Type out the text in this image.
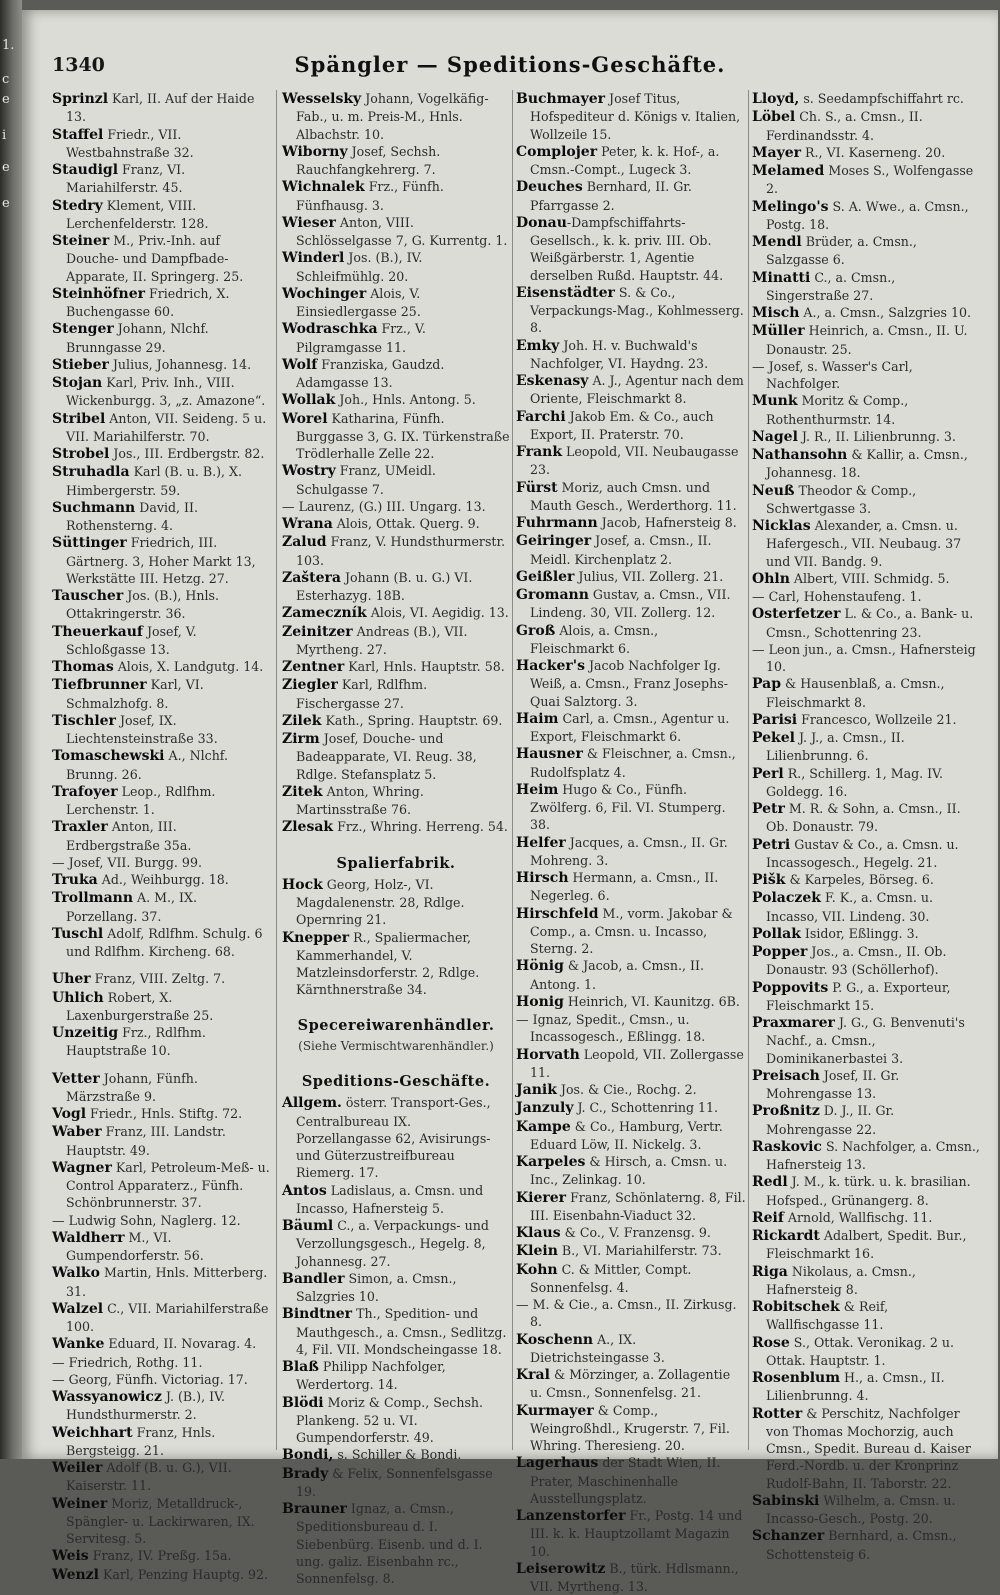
1.
c
e
i
e
e
1340	Spängler — Speditions-Geschäfte.
Sprinzl Karl, II. Auf der Haide 13.
Staffel Friedr., VII. Westbahnstraße 32.
Staudigl Franz, VI. Mariahilferstr. 45.
Stedry Klement, VIII. Lerchenfelderstr. 128.
Steiner M., Priv.-Inh. auf Douche- und Dampfbade-Apparate, II. Springerg. 25.
Steinhöfner Friedrich, X. Buchengasse 60.
Stenger Johann, Nlchf. Brunngasse 29.
Stieber Julius, Johannesg. 14.
Stojan Karl, Priv. Inh., VIII. Wickenburgg. 3, „z. Amazone“.
Stribel Anton, VII. Seideng. 5 u. VII. Mariahilferstr. 70.
Strobel Jos., III. Erdbergstr. 82.
Struhadla Karl (B. u. B.), X. Himbergerstr. 59.
Suchmann David, II. Rothensterng. 4.
Süttinger Friedrich, III. Gärtnerg. 3, Hoher Markt 13, Werkstätte III. Hetzg. 27.
Tauscher Jos. (B.), Hnls. Ottakringerstr. 36.
Theuerkauf Josef, V. Schloßgasse 13.
Thomas Alois, X. Landgutg. 14.
Tiefbrunner Karl, VI. Schmalzhofg. 8.
Tischler Josef, IX. Liechtensteinstraße 33.
Tomaschewski A., Nlchf. Brunng. 26.
Trafoyer Leop., Rdlfhm. Lerchenstr. 1.
Traxler Anton, III. Erdbergstraße 35a.
— Josef, VII. Burgg. 99.
Truka Ad., Weihburgg. 18.
Trollmann A. M., IX. Porzellang. 37.
Tuschl Adolf, Rdlfhm. Schulg. 6 und Rdlfhm. Kircheng. 68.
Uher Franz, VIII. Zeltg. 7.
Uhlich Robert, X. Laxenburgerstraße 25.
Unzeitig Frz., Rdlfhm. Hauptstraße 10.
Vetter Johann, Fünfh. Märzstraße 9.
Vogl Friedr., Hnls. Stiftg. 72.
Waber Franz, III. Landstr. Hauptstr. 49.
Wagner Karl, Petroleum-Meß- u. Control Apparaterz., Fünfh. Schönbrunnerstr. 37.
— Ludwig Sohn, Naglerg. 12.
Waldherr M., VI. Gumpendorferstr. 56.
Walko Martin, Hnls. Mitterberg. 31.
Walzel C., VII. Mariahilferstraße 100.
Wanke Eduard, II. Novarag. 4.
— Friedrich, Rothg. 11.
— Georg, Fünfh. Victoriag. 17.
Wassyanowicz J. (B.), IV. Hundsthurmerstr. 2.
Weichhart Franz, Hnls. Bergsteigg. 21.
Weiler Adolf (B. u. G.), VII. Kaiserstr. 11.
Weiner Moriz, Metalldruck-, Spängler- u. Lackirwaren, IX. Servitesg. 5.
Weis Franz, IV. Preßg. 15a.
Wenzl Karl, Penzing Hauptg. 92.
Wesselsky Johann, Vogelkäfig-Fab., u. m. Preis-M., Hnls. Albachstr. 10.
Wiborny Josef, Sechsh. Rauchfangkehrerg. 7.
Wichnalek Frz., Fünfh. Fünfhausg. 3.
Wieser Anton, VIII. Schlösselgasse 7, G. Kurrentg. 1.
Winderl Jos. (B.), IV. Schleifmühlg. 20.
Wochinger Alois, V. Einsiedlergasse 25.
Wodraschka Frz., V. Pilgramgasse 11.
Wolf Franziska, Gaudzd. Adamgasse 13.
Wollak Joh., Hnls. Antong. 5.
Worel Katharina, Fünfh. Burggasse 3, G. IX. Türkenstraße Trödlerhalle Zelle 22.
Wostry Franz, UMeidl. Schulgasse 7.
— Laurenz, (G.) III. Ungarg. 13.
Wrana Alois, Ottak. Querg. 9.
Zalud Franz, V. Hundsthurmerstr. 103.
Zaštera Johann (B. u. G.) VI. Esterhazyg. 18B.
Zameczník Alois, VI. Aegidig. 13.
Zeinitzer Andreas (B.), VII. Myrtheng. 27.
Zentner Karl, Hnls. Hauptstr. 58.
Ziegler Karl, Rdlfhm. Fischergasse 27.
Zilek Kath., Spring. Hauptstr. 69.
Zirm Josef, Douche- und Badeapparate, VI. Reug. 38, Rdlge. Stefansplatz 5.
Zitek Anton, Whring. Martinsstraße 76.
Zlesak Frz., Whring. Herreng. 54.
Spalierfabrik.
Hock Georg, Holz-, VI. Magdalenenstr. 28, Rdlge. Opernring 21.
Knepper R., Spaliermacher, Kammerhandel, V. Matzleinsdorferstr. 2, Rdlge. Kärnthnerstraße 34.
Specereiwarenhändler.
(Siehe Vermischtwarenhändler.)
Speditions-Geschäfte.
Allgem. österr. Transport-Ges., Centralbureau IX. Porzellangasse 62, Avisirungs- und Güterzustreifbureau Riemerg. 17.
Antos Ladislaus, a. Cmsn. und Incasso, Hafnersteig 5.
Bäuml C., a. Verpackungs- und Verzollungsgesch., Hegelg. 8, Johannesg. 27.
Bandler Simon, a. Cmsn., Salzgries 10.
Bindtner Th., Spedition- und Mauthgesch., a. Cmsn., Sedlitzg. 4, Fil. VII. Mondscheingasse 18.
Blaß Philipp Nachfolger, Werdertorg. 14.
Blödi Moriz & Comp., Sechsh. Plankeng. 52 u. VI. Gumpendorferstr. 49.
Bondi, s. Schiller & Bondi.
Brady & Felix, Sonnenfelsgasse 19.
Brauner Ignaz, a. Cmsn., Speditionsbureau d. I. Siebenbürg. Eisenb. und d. I. ung. galiz. Eisenbahn rc., Sonnenfelsg. 8.
Buchmayer Josef Titus, Hofspediteur d. Königs v. Italien, Wollzeile 15.
Complojer Peter, k. k. Hof-, a. Cmsn.-Compt., Lugeck 3.
Deuches Bernhard, II. Gr. Pfarrgasse 2.
Donau-Dampfschiffahrts-Gesellsch., k. k. priv. III. Ob. Weißgärberstr. 1, Agentie derselben Rußd. Hauptstr. 44.
Eisenstädter S. & Co., Verpackungs-Mag., Kohlmesserg. 8.
Emky Joh. H. v. Buchwald's Nachfolger, VI. Haydng. 23.
Eskenasy A. J., Agentur nach dem Oriente, Fleischmarkt 8.
Farchi Jakob Em. & Co., auch Export, II. Praterstr. 70.
Frank Leopold, VII. Neubaugasse 23.
Fürst Moriz, auch Cmsn. und Mauth Gesch., Werderthorg. 11.
Fuhrmann Jacob, Hafnersteig 8.
Geiringer Josef, a. Cmsn., II. Meidl. Kirchenplatz 2.
Geißler Julius, VII. Zollerg. 21.
Gromann Gustav, a. Cmsn., VII. Lindeng. 30, VII. Zollerg. 12.
Groß Alois, a. Cmsn., Fleischmarkt 6.
Hacker's Jacob Nachfolger Ig. Weiß, a. Cmsn., Franz Josephs-Quai Salztorg. 3.
Haim Carl, a. Cmsn., Agentur u. Export, Fleischmarkt 6.
Hausner & Fleischner, a. Cmsn., Rudolfsplatz 4.
Heim Hugo & Co., Fünfh. Zwölferg. 6, Fil. VI. Stumperg. 38.
Helfer Jacques, a. Cmsn., II. Gr. Mohreng. 3.
Hirsch Hermann, a. Cmsn., II. Negerleg. 6.
Hirschfeld M., vorm. Jakobar & Comp., a. Cmsn. u. Incasso, Sterng. 2.
Hönig & Jacob, a. Cmsn., II. Antong. 1.
Honig Heinrich, VI. Kaunitzg. 6B.
— Ignaz, Spedit., Cmsn., u. Incassogesch., Eßlingg. 18.
Horvath Leopold, VII. Zollergasse 11.
Janik Jos. & Cie., Rochg. 2.
Janzuly J. C., Schottenring 11.
Kampe & Co., Hamburg, Vertr. Eduard Löw, II. Nickelg. 3.
Karpeles & Hirsch, a. Cmsn. u. Inc., Zelinkag. 10.
Kierer Franz, Schönlaterng. 8, Fil. III. Eisenbahn-Viaduct 32.
Klaus & Co., V. Franzensg. 9.
Klein B., VI. Mariahilferstr. 73.
Kohn C. & Mittler, Compt. Sonnenfelsg. 4.
— M. & Cie., a. Cmsn., II. Zirkusg. 8.
Koschenn A., IX. Dietrichsteingasse 3.
Kral & Mörzinger, a. Zollagentie u. Cmsn., Sonnenfelsg. 21.
Kurmayer & Comp., Weingroßhdl., Krugerstr. 7, Fil. Whring. Theresieng. 20.
Lagerhaus der Stadt Wien, II. Prater, Maschinenhalle Ausstellungsplatz.
Lanzenstorfer Fr., Postg. 14 und III. k. k. Hauptzollamt Magazin 10.
Leiserowitz B., türk. Hdlsmann., VII. Myrtheng. 13.
Lloyd, s. Seedampfschiffahrt rc.
Löbel Ch. S., a. Cmsn., II. Ferdinandsstr. 4.
Mayer R., VI. Kaserneng. 20.
Melamed Moses S., Wolfengasse 2.
Melingo's S. A. Wwe., a. Cmsn., Postg. 18.
Mendl Brüder, a. Cmsn., Salzgasse 6.
Minatti C., a. Cmsn., Singerstraße 27.
Misch A., a. Cmsn., Salzgries 10.
Müller Heinrich, a. Cmsn., II. U. Donaustr. 25.
— Josef, s. Wasser's Carl, Nachfolger.
Munk Moritz & Comp., Rothenthurmstr. 14.
Nagel J. R., II. Lilienbrunng. 3.
Nathansohn & Kallir, a. Cmsn., Johannesg. 18.
Neuß Theodor & Comp., Schwertgasse 3.
Nicklas Alexander, a. Cmsn. u. Hafergesch., VII. Neubaug. 37 und VII. Bandg. 9.
Ohln Albert, VIII. Schmidg. 5.
— Carl, Hohenstaufeng. 1.
Osterfetzer L. & Co., a. Bank- u. Cmsn., Schottenring 23.
— Leon jun., a. Cmsn., Hafnersteig 10.
Pap & Hausenblaß, a. Cmsn., Fleischmarkt 8.
Parisi Francesco, Wollzeile 21.
Pekel J. J., a. Cmsn., II. Lilienbrunng. 6.
Perl R., Schillerg. 1, Mag. IV. Goldegg. 16.
Petr M. R. & Sohn, a. Cmsn., II. Ob. Donaustr. 79.
Petri Gustav & Co., a. Cmsn. u. Incassogesch., Hegelg. 21.
Pišk & Karpeles, Börseg. 6.
Polaczek F. K., a. Cmsn. u. Incasso, VII. Lindeng. 30.
Pollak Isidor, Eßlingg. 3.
Popper Jos., a. Cmsn., II. Ob. Donaustr. 93 (Schöllerhof).
Poppovits P. G., a. Exporteur, Fleischmarkt 15.
Praxmarer J. G., G. Benvenuti's Nachf., a. Cmsn., Dominikanerbastei 3.
Preisach Josef, II. Gr. Mohrengasse 13.
Proßnitz D. J., II. Gr. Mohrengasse 22.
Raskovic S. Nachfolger, a. Cmsn., Hafnersteig 13.
Redl J. M., k. türk. u. k. brasilian. Hofsped., Grünangerg. 8.
Reif Arnold, Wallfischg. 11.
Rickardt Adalbert, Spedit. Bur., Fleischmarkt 16.
Riga Nikolaus, a. Cmsn., Hafnersteig 8.
Robitschek & Reif, Wallfischgasse 11.
Rose S., Ottak. Veronikag. 2 u. Ottak. Hauptstr. 1.
Rosenblum H., a. Cmsn., II. Lilienbrunng. 4.
Rotter & Perschitz, Nachfolger von Thomas Mochorzig, auch Cmsn., Spedit. Bureau d. Kaiser Ferd.-Nordb. u. der Kronprinz Rudolf-Bahn, II. Taborstr. 22.
Sabinski Wilhelm, a. Cmsn. u. Incasso-Gesch., Postg. 20.
Schanzer Bernhard, a. Cmsn., Schottensteig 6.
